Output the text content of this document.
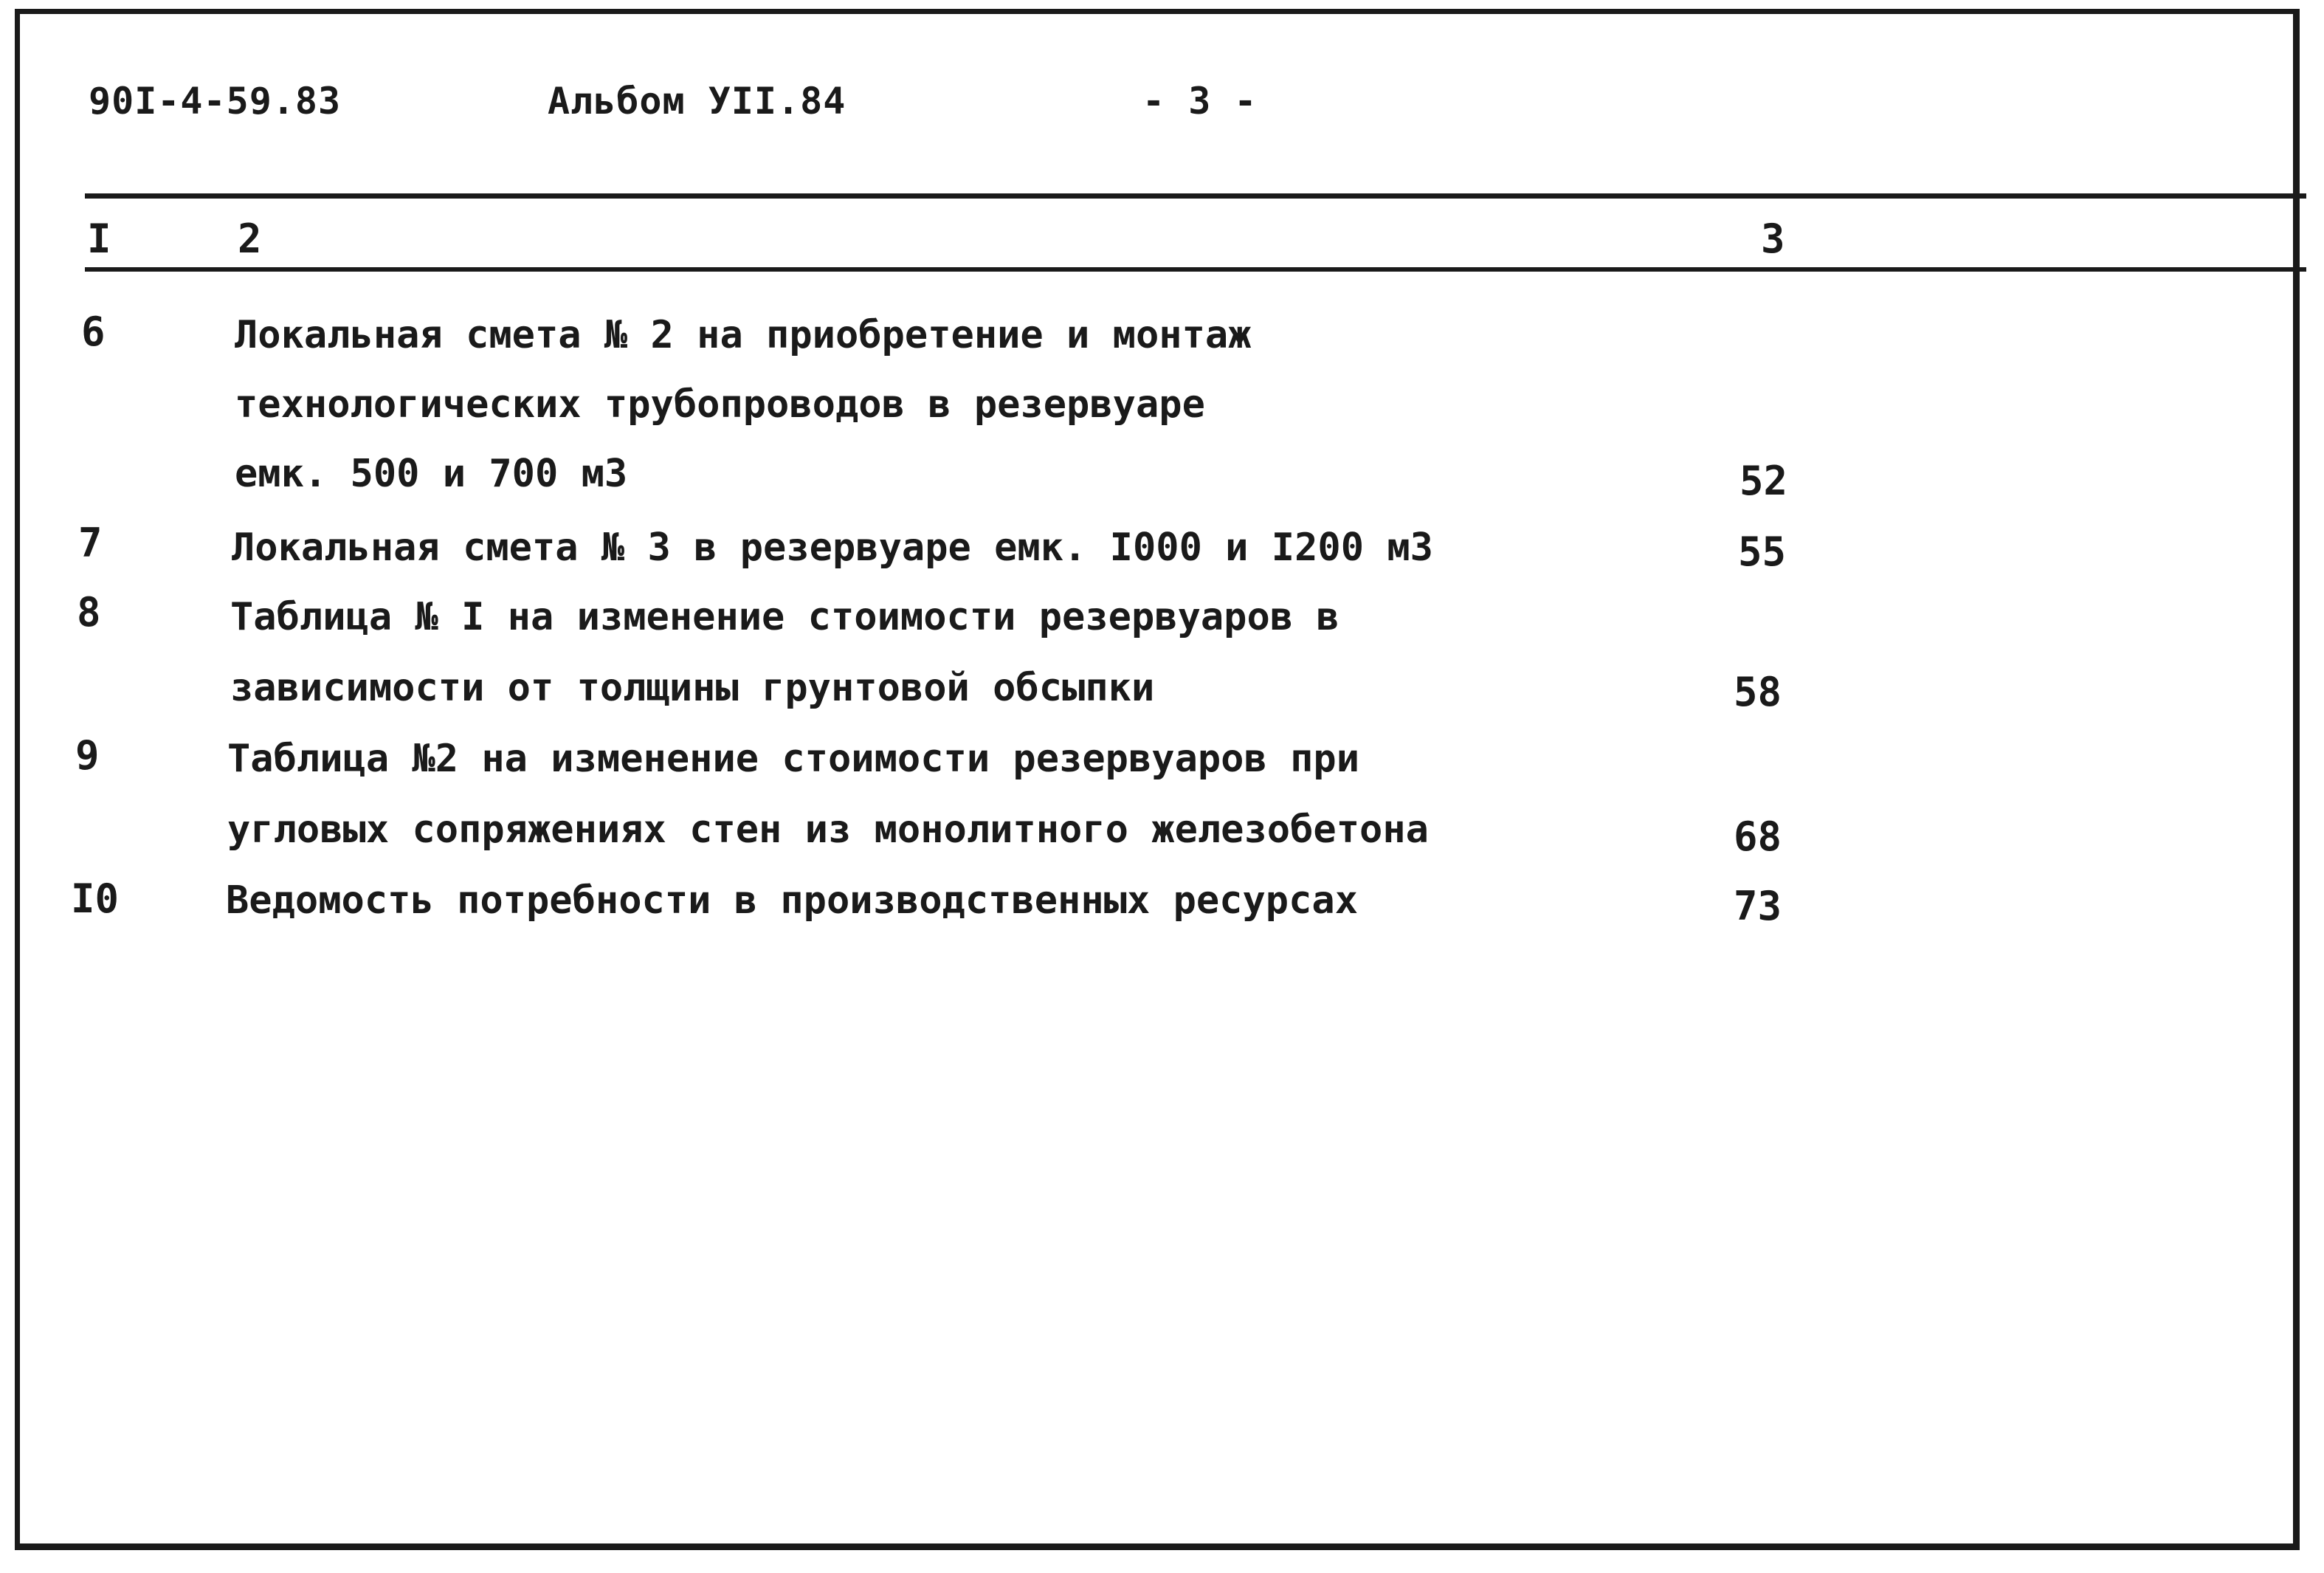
90I-4-59.83	Альбом УII.84	- 3 -
I	2	3
6	Локальная смета № 2 на приобретение и монтаж
технологических трубопроводов в резервуаре
емк. 500 и 700 м3	52
7	Локальная смета № 3 в резервуаре емк. I000 и I200 м3	55
8	Таблица № I на изменение стоимости резервуаров в
зависимости от толщины грунтовой обсыпки	58
9	Таблица №2 на изменение стоимости резервуаров при
угловых сопряжениях стен из монолитного железобетона	68
I0	Ведомость потребности в производственных ресурсах	73
